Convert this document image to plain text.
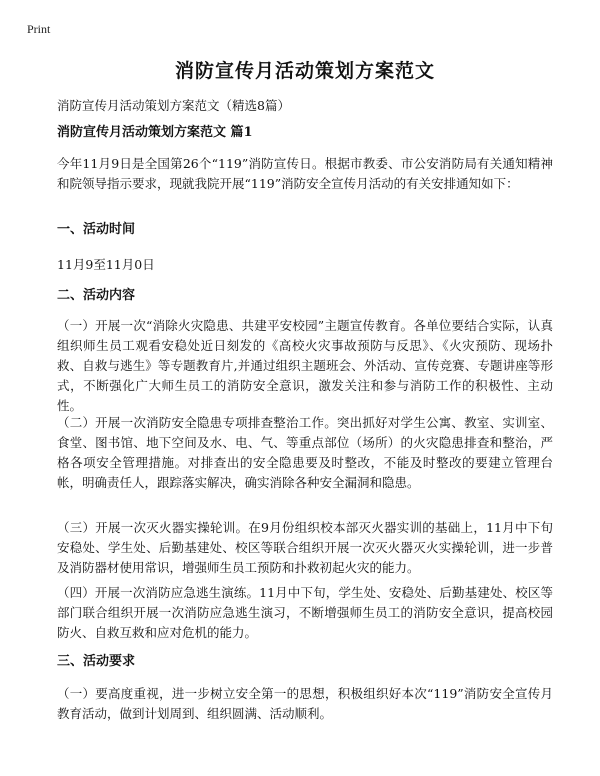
Print
消防宣传月活动策划方案范文

消防宣传月活动策划方案范文（精选8篇）

消防宣传月活动策划方案范文 篇1

今年11月9日是全国第26个“119”消防宣传日。根据市教委、市公安消防局有关通知精神和院领导指示要求，现就我院开展“119”消防安全宣传月活动的有关安排通知如下：

一、活动时间

11月9至11月0日

二、活动内容

（一）开展一次“消除火灾隐患、共建平安校园”主题宣传教育。各单位要结合实际，认真组织师生员工观看安稳处近日刻发的《高校火灾事故预防与反思》、《火灾预防、现场扑救、自救与逃生》等专题教育片,并通过组织主题班会、外活动、宣传竞赛、专题讲座等形式，不断强化广大师生员工的消防安全意识，激发关注和参与消防工作的积极性、主动性。

（二）开展一次消防安全隐患专项排查整治工作。突出抓好对学生公寓、教室、实训室、食堂、图书馆、地下空间及水、电、气、等重点部位（场所）的火灾隐患排查和整治，严格各项安全管理措施。对排查出的安全隐患要及时整改，不能及时整改的要建立管理台帐，明确责任人，跟踪落实解决，确实消除各种安全漏洞和隐患。

（三）开展一次灭火器实操轮训。在9月份组织校本部灭火器实训的基础上，11月中下旬安稳处、学生处、后勤基建处、校区等联合组织开展一次灭火器灭火实操轮训，进一步普及消防器材使用常识，增强师生员工预防和扑救初起火灾的能力。

（四）开展一次消防应急逃生演练。11月中下旬，学生处、安稳处、后勤基建处、校区等部门联合组织开展一次消防应急逃生演习，不断增强师生员工的消防安全意识，提高校园防火、自救互救和应对危机的能力。

三、活动要求

（一）要高度重视，进一步树立安全第一的思想，积极组织好本次“119”消防安全宣传月教育活动，做到计划周到、组织圆满、活动顺利。
